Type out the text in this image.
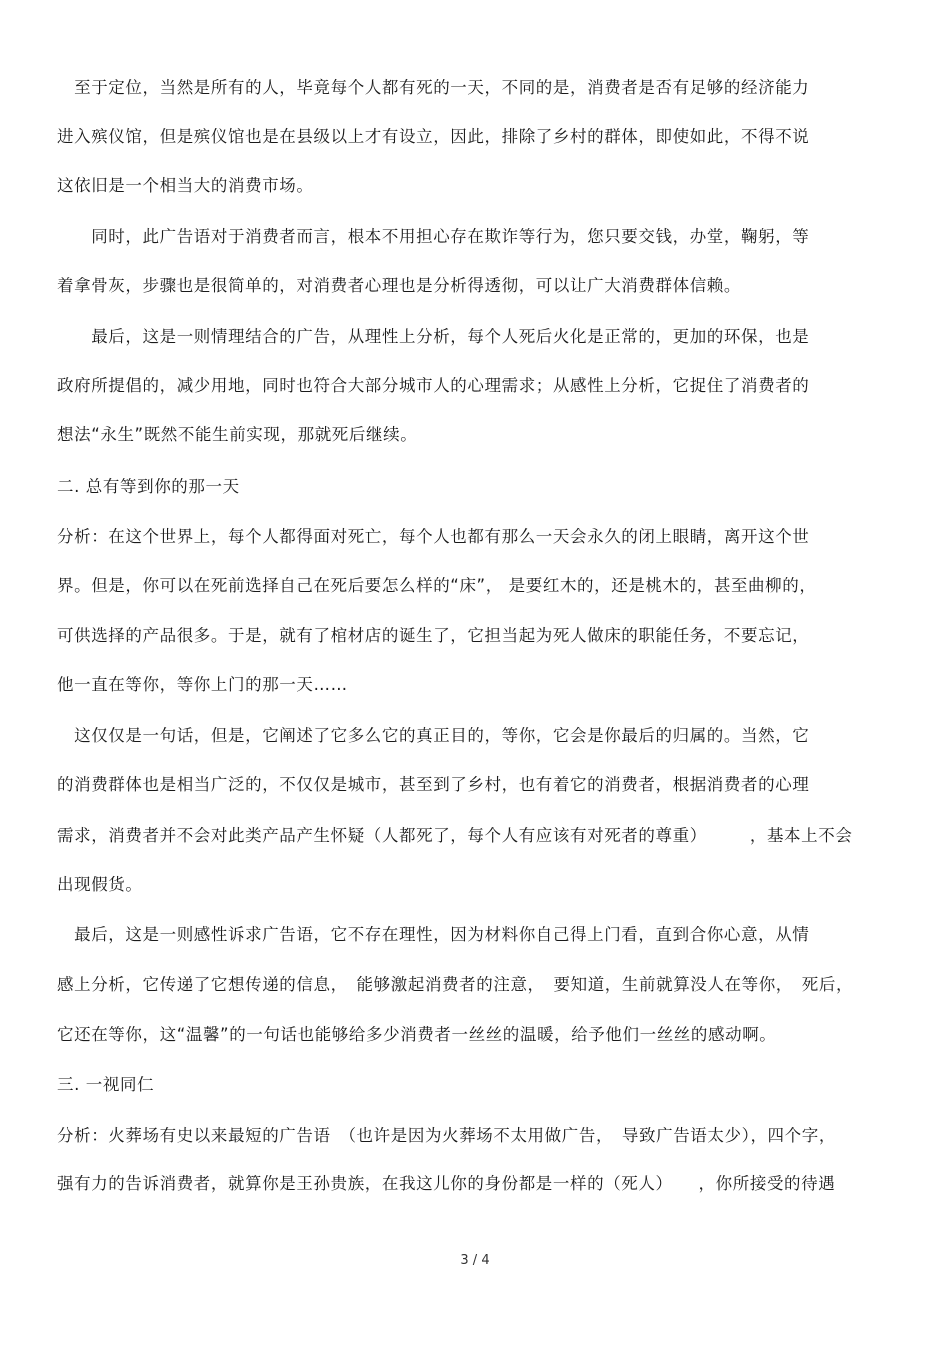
　至于定位，当然是所有的人，毕竟每个人都有死的一天，不同的是，消费者是否有足够的经济能力
进入殡仪馆，但是殡仪馆也是在县级以上才有设立，因此，排除了乡村的群体，即使如此，不得不说
这依旧是一个相当大的消费市场。
　　同时，此广告语对于消费者而言，根本不用担心存在欺诈等行为，您只要交钱，办堂，鞠躬，等
着拿骨灰，步骤也是很简单的，对消费者心理也是分析得透彻，可以让广大消费群体信赖。
　　最后，这是一则情理结合的广告，从理性上分析，每个人死后火化是正常的，更加的环保，也是
政府所提倡的，减少用地，同时也符合大部分城市人的心理需求；从感性上分析，它捉住了消费者的
想法“永生”既然不能生前实现，那就死后继续。
二. 总有等到你的那一天
分析：在这个世界上，每个人都得面对死亡，每个人也都有那么一天会永久的闭上眼睛，离开这个世
界。但是，你可以在死前选择自己在死后要怎么样的“床”， 是要红木的，还是桃木的，甚至曲柳的，
可供选择的产品很多。于是，就有了棺材店的诞生了，它担当起为死人做床的职能任务，不要忘记，
他一直在等你，等你上门的那一天……
　这仅仅是一句话，但是，它阐述了它多么它的真正目的，等你，它会是你最后的归属的。当然，它
的消费群体也是相当广泛的，不仅仅是城市，甚至到了乡村，也有着它的消费者，根据消费者的心理
需求，消费者并不会对此类产品产生怀疑（人都死了，每个人有应该有对死者的尊重）　　　，基本上不会
出现假货。
　最后，这是一则感性诉求广告语，它不存在理性，因为材料你自己得上门看，直到合你心意，从情
感上分析，它传递了它想传递的信息，　能够激起消费者的注意，　要知道，生前就算没人在等你，　死后，
它还在等你，这“温馨”的一句话也能够给多少消费者一丝丝的温暖，给予他们一丝丝的感动啊。
三. 一视同仁
分析：火葬场有史以来最短的广告语　（也许是因为火葬场不太用做广告，　导致广告语太少），四个字，
强有力的告诉消费者，就算你是王孙贵族，在我这儿你的身份都是一样的（死人）　　，你所接受的待遇
3 / 4
